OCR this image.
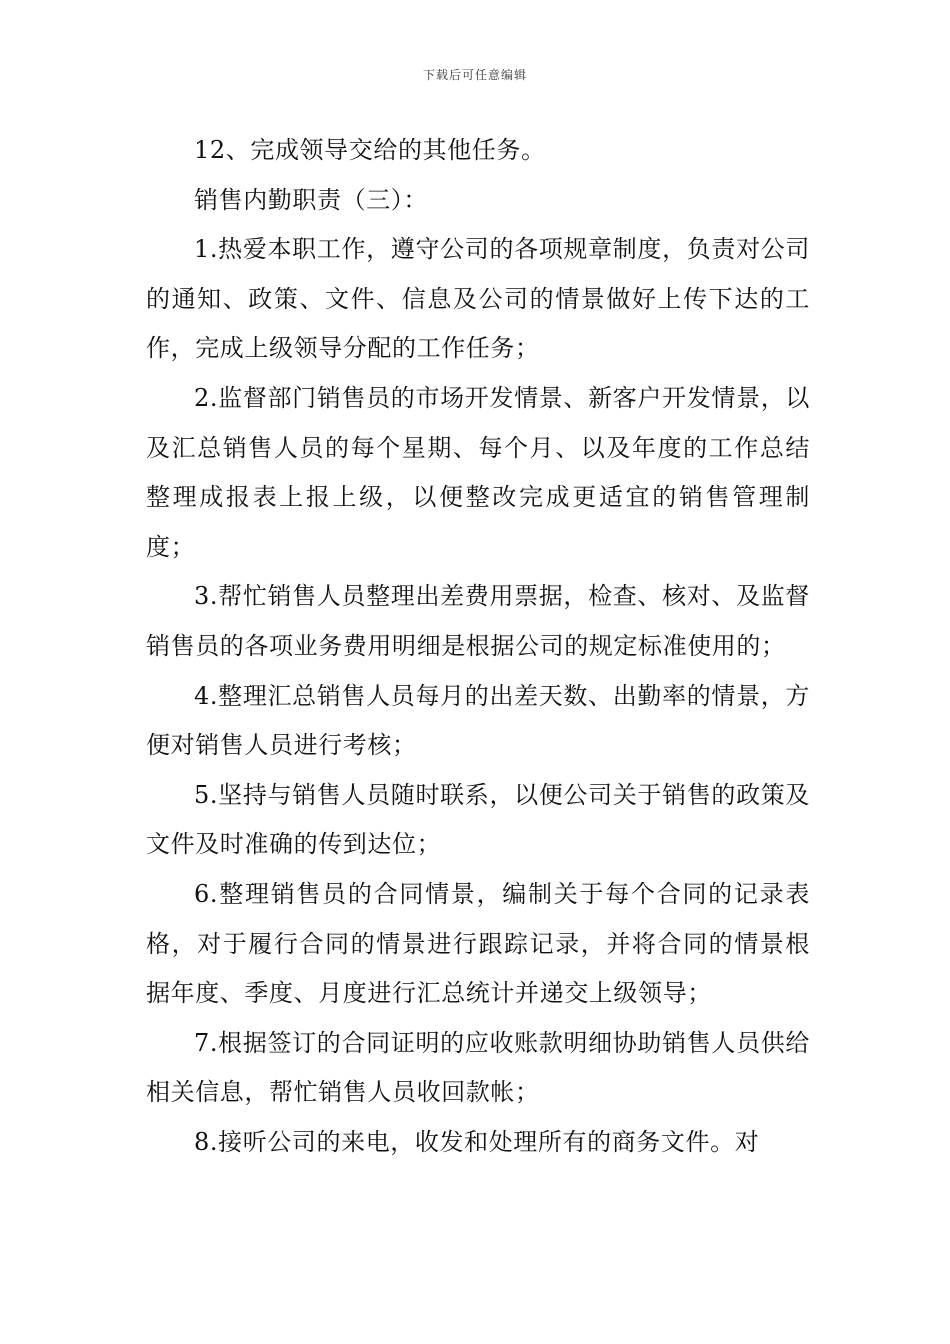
下载后可任意编辑

12、完成领导交给的其他任务。

销售内勤职责（三）：

1.热爱本职工作，遵守公司的各项规章制度，负责对公司的通知、政策、文件、信息及公司的情景做好上传下达的工作，完成上级领导分配的工作任务；

2.监督部门销售员的市场开发情景、新客户开发情景，以及汇总销售人员的每个星期、每个月、以及年度的工作总结整理成报表上报上级，以便整改完成更适宜的销售管理制度；

3.帮忙销售人员整理出差费用票据，检查、核对、及监督销售员的各项业务费用明细是根据公司的规定标准使用的；

4.整理汇总销售人员每月的出差天数、出勤率的情景，方便对销售人员进行考核；

5.坚持与销售人员随时联系，以便公司关于销售的政策及文件及时准确的传到达位；

6.整理销售员的合同情景，编制关于每个合同的记录表格，对于履行合同的情景进行跟踪记录，并将合同的情景根据年度、季度、月度进行汇总统计并递交上级领导；

7.根据签订的合同证明的应收账款明细协助销售人员供给相关信息，帮忙销售人员收回款帐；

8.接听公司的来电，收发和处理所有的商务文件。对
